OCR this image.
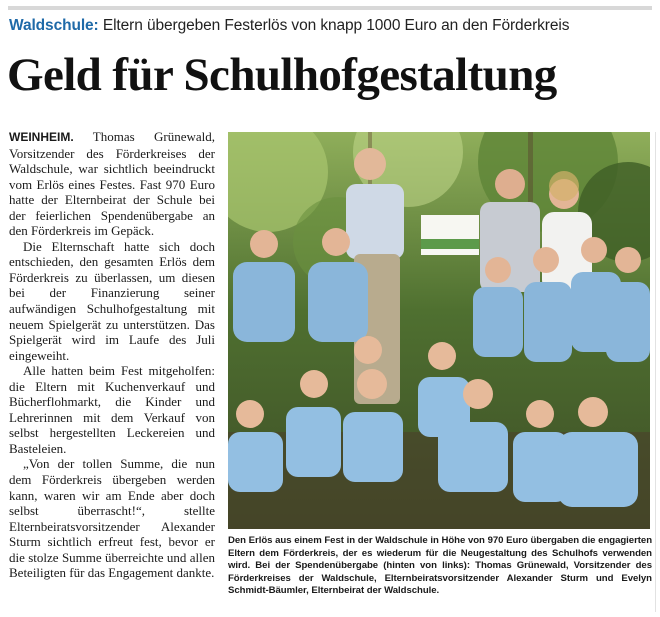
Waldschule: Eltern übergeben Festerlös von knapp 1000 Euro an den Förderkreis
Geld für Schulhofgestaltung

WEINHEIM. Thomas Grünewald, Vorsitzender des Förderkreises der Waldschule, war sichtlich beeindruckt vom Erlös eines Festes. Fast 970 Euro hatte der Elternbeirat der Schule bei der feierlichen Spendenübergabe an den Förderkreis im Gepäck.

Die Elternschaft hatte sich doch entschieden, den gesamten Erlös dem Förderkreis zu überlassen, um diesen bei der Finanzierung seiner aufwändigen Schulhofgestaltung mit neuem Spielgerät zu unterstützen. Das Spielgerät wird im Laufe des Juli eingeweiht.

Alle hatten beim Fest mitgeholfen: die Eltern mit Kuchenverkauf und Bücherflohmarkt, die Kinder und Lehrerinnen mit dem Verkauf von selbst hergestellten Leckereien und Basteleien.

„Von der tollen Summe, die nun dem Förderkreis übergeben werden kann, waren wir am Ende aber doch selbst überrascht!“, stellte Elternbeiratsvorsitzender Alexander Sturm sichtlich erfreut fest, bevor er die stolze Summe überreichte und allen Beteiligten für das Engagement dankte.

Den Erlös aus einem Fest in der Waldschule in Höhe von 970 Euro übergaben die engagierten Eltern dem Förderkreis, der es wiederum für die Neugestaltung des Schulhofs verwenden wird. Bei der Spendenübergabe (hinten von links): Thomas Grünewald, Vorsitzender des Förderkreises der Waldschule, Elternbeiratsvorsitzender Alexander Sturm und Evelyn Schmidt-Bäumler, Elternbeirat der Waldschule.
